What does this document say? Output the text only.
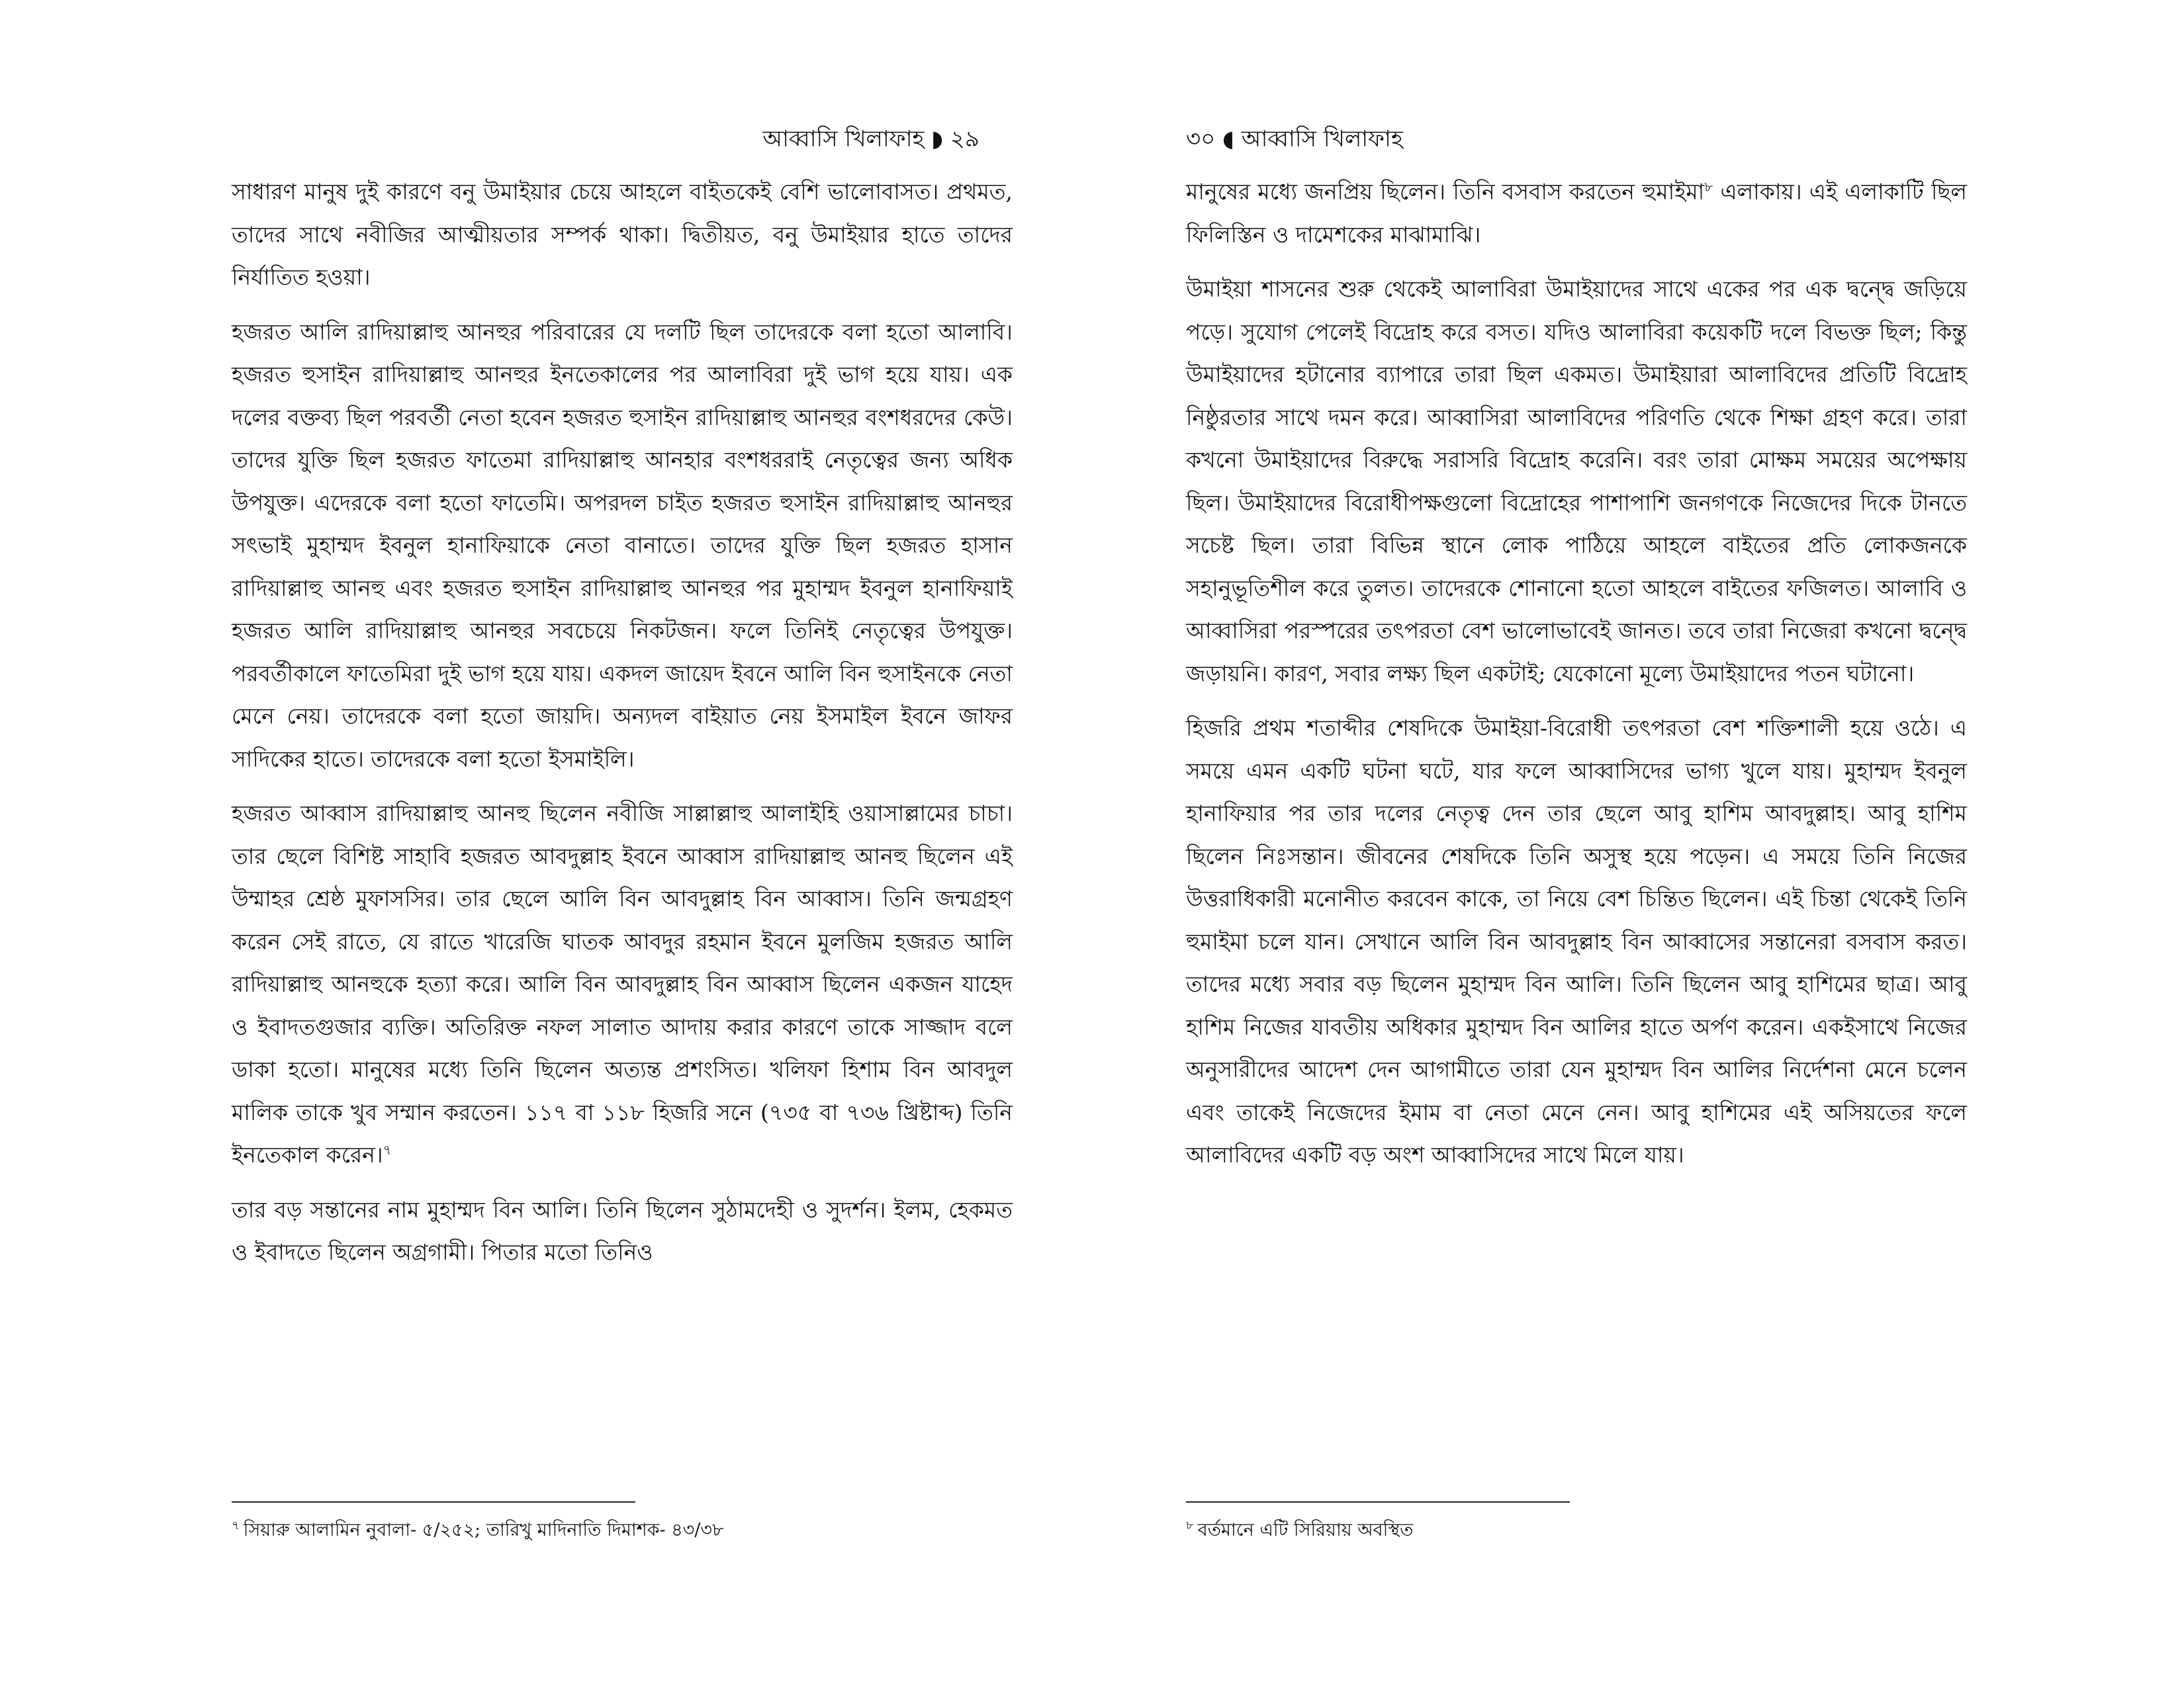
আব্বাসি খিলাফাহ ◗ ২৯

সাধারণ মানুষ দুই কারণে বনু উমাইয়ার চেয়ে আহলে বাইতকেই বেশি ভালোবাসত। প্রথমত, তাদের সাথে নবীজির আত্মীয়তার সম্পর্ক থাকা। দ্বিতীয়ত, বনু উমাইয়ার হাতে তাদের নির্যাতিত হওয়া।

হজরত আলি রাদিয়াল্লাহু আনহুর পরিবারের যে দলটি ছিল তাদেরকে বলা হতো আলাবি। হজরত হুসাইন রাদিয়াল্লাহু আনহুর ইনতেকালের পর আলাবিরা দুই ভাগ হয়ে যায়। এক দলের বক্তব্য ছিল পরবর্তী নেতা হবেন হজরত হুসাইন রাদিয়াল্লাহু আনহুর বংশধরদের কেউ। তাদের যুক্তি ছিল হজরত ফাতেমা রাদিয়াল্লাহু আনহার বংশধররাই নেতৃত্বের জন্য অধিক উপযুক্ত। এদেরকে বলা হতো ফাতেমি। অপরদল চাইত হজরত হুসাইন রাদিয়াল্লাহু আনহুর সৎভাই মুহাম্মদ ইবনুল হানাফিয়াকে নেতা বানাতে। তাদের যুক্তি ছিল হজরত হাসান রাদিয়াল্লাহু আনহু এবং হজরত হুসাইন রাদিয়াল্লাহু আনহুর পর মুহাম্মদ ইবনুল হানাফিয়াই হজরত আলি রাদিয়াল্লাহু আনহুর সবচেয়ে নিকটজন। ফলে তিনিই নেতৃত্বের উপযুক্ত। পরবর্তীকালে ফাতেমিরা দুই ভাগ হয়ে যায়। একদল জায়েদ ইবনে আলি বিন হুসাইনকে নেতা মেনে নেয়। তাদেরকে বলা হতো জায়দি। অন্যদল বাইয়াত নেয় ইসমাইল ইবনে জাফর সাদিকের হাতে। তাদেরকে বলা হতো ইসমাইলি।

হজরত আব্বাস রাদিয়াল্লাহু আনহু ছিলেন নবীজি সাল্লাল্লাহু আলাইহি ওয়াসাল্লামের চাচা। তার ছেলে বিশিষ্ট সাহাবি হজরত আবদুল্লাহ ইবনে আব্বাস রাদিয়াল্লাহু আনহু ছিলেন এই উম্মাহর শ্রেষ্ঠ মুফাসসির। তার ছেলে আলি বিন আবদুল্লাহ বিন আব্বাস। তিনি জন্মগ্রহণ করেন সেই রাতে, যে রাতে খারেজি ঘাতক আবদুর রহমান ইবনে মুলজিম হজরত আলি রাদিয়াল্লাহু আনহুকে হত্যা করে। আলি বিন আবদুল্লাহ বিন আব্বাস ছিলেন একজন যাহেদ ও ইবাদতগুজার ব্যক্তি। অতিরিক্ত নফল সালাত আদায় করার কারণে তাকে সাজ্জাদ বলে ডাকা হতো। মানুষের মধ্যে তিনি ছিলেন অত্যন্ত প্রশংসিত। খলিফা হিশাম বিন আবদুল মালিক তাকে খুব সম্মান করতেন। ১১৭ বা ১১৮ হিজরি সনে (৭৩৫ বা ৭৩৬ খ্রিষ্টাব্দ) তিনি ইনতেকাল করেন।$^৭$

তার বড় সন্তানের নাম মুহাম্মদ বিন আলি। তিনি ছিলেন সুঠামদেহী ও সুদর্শন। ইলম, হেকমত ও ইবাদতে ছিলেন অগ্রগামী। পিতার মতো তিনিও

$^৭$ সিয়ারু আলামিন নুবালা- ৫/২৫২; তারিখু মাদিনাতি দিমাশক- ৪৩/৩৮
৩০ ◖ আব্বাসি খিলাফাহ

মানুষের মধ্যে জনপ্রিয় ছিলেন। তিনি বসবাস করতেন হুমাইমা$^৮$ এলাকায়। এই এলাকাটি ছিল ফিলিস্তিন ও দামেশকের মাঝামাঝি।

উমাইয়া শাসনের শুরু থেকেই আলাবিরা উমাইয়াদের সাথে একের পর এক দ্বন্দ্বে জড়িয়ে পড়ে। সুযোগ পেলেই বিদ্রোহ করে বসত। যদিও আলাবিরা কয়েকটি দলে বিভক্ত ছিল; কিন্তু উমাইয়াদের হটানোর ব্যাপারে তারা ছিল একমত। উমাইয়ারা আলাবিদের প্রতিটি বিদ্রোহ নিষ্ঠুরতার সাথে দমন করে। আব্বাসিরা আলাবিদের পরিণতি থেকে শিক্ষা গ্রহণ করে। তারা কখনো উমাইয়াদের বিরুদ্ধে সরাসরি বিদ্রোহ করেনি। বরং তারা মোক্ষম সময়ের অপেক্ষায় ছিল। উমাইয়াদের বিরোধীপক্ষগুলো বিদ্রোহের পাশাপাশি জনগণকে নিজেদের দিকে টানতে সচেষ্ট ছিল। তারা বিভিন্ন স্থানে লোক পাঠিয়ে আহলে বাইতের প্রতি লোকজনকে সহানুভূতিশীল করে তুলত। তাদেরকে শোনানো হতো আহলে বাইতের ফজিলত। আলাবি ও আব্বাসিরা পরস্পরের তৎপরতা বেশ ভালোভাবেই জানত। তবে তারা নিজেরা কখনো দ্বন্দ্বে জড়ায়নি। কারণ, সবার লক্ষ্য ছিল একটাই; যেকোনো মূল্যে উমাইয়াদের পতন ঘটানো।

হিজরি প্রথম শতাব্দীর শেষদিকে উমাইয়া-বিরোধী তৎপরতা বেশ শক্তিশালী হয়ে ওঠে। এ সময়ে এমন একটি ঘটনা ঘটে, যার ফলে আব্বাসিদের ভাগ্য খুলে যায়। মুহাম্মদ ইবনুল হানাফিয়ার পর তার দলের নেতৃত্ব দেন তার ছেলে আবু হাশিম আবদুল্লাহ। আবু হাশিম ছিলেন নিঃসন্তান। জীবনের শেষদিকে তিনি অসুস্থ হয়ে পড়েন। এ সময়ে তিনি নিজের উত্তরাধিকারী মনোনীত করবেন কাকে, তা নিয়ে বেশ চিন্তিত ছিলেন। এই চিন্তা থেকেই তিনি হুমাইমা চলে যান। সেখানে আলি বিন আবদুল্লাহ বিন আব্বাসের সন্তানেরা বসবাস করত। তাদের মধ্যে সবার বড় ছিলেন মুহাম্মদ বিন আলি। তিনি ছিলেন আবু হাশিমের ছাত্র। আবু হাশিম নিজের যাবতীয় অধিকার মুহাম্মদ বিন আলির হাতে অর্পণ করেন। একইসাথে নিজের অনুসারীদের আদেশ দেন আগামীতে তারা যেন মুহাম্মদ বিন আলির নির্দেশনা মেনে চলেন এবং তাকেই নিজেদের ইমাম বা নেতা মেনে নেন। আবু হাশিমের এই অসিয়তের ফলে আলাবিদের একটি বড় অংশ আব্বাসিদের সাথে মিলে যায়।

$^৮$ বর্তমানে এটি সিরিয়ায় অবস্থিত
